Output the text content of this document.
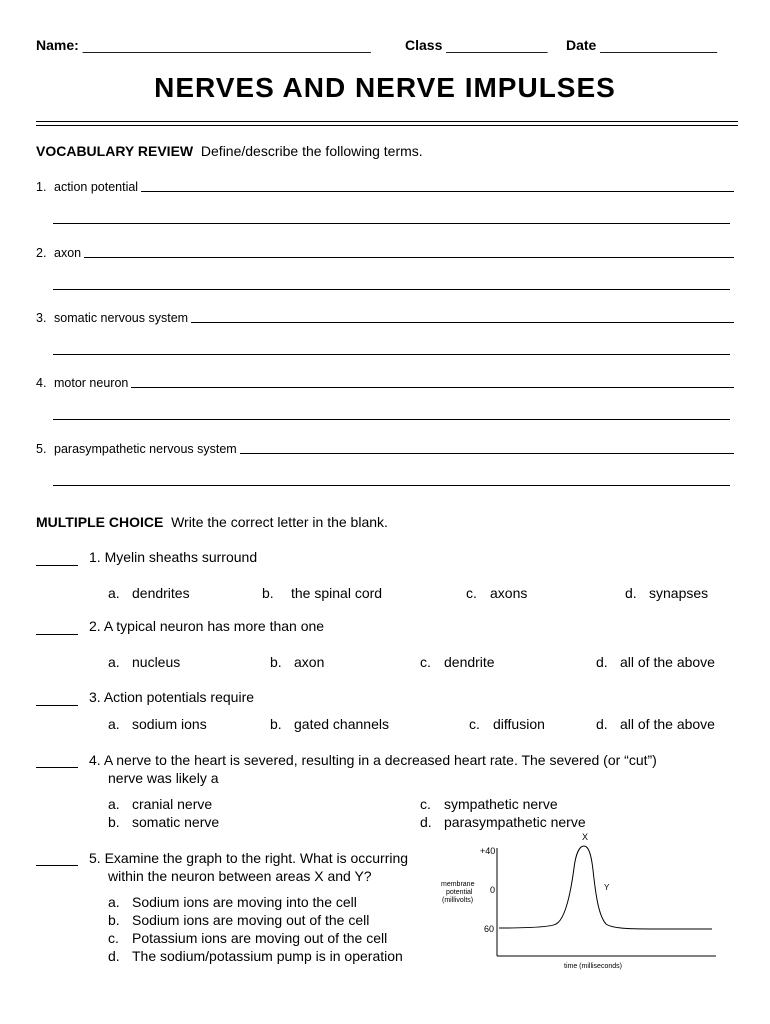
Name: _____________________________________ Class _____________ Date _______________
NERVES AND NERVE IMPULSES
VOCABULARY REVIEW Define/describe the following terms.
1. action potential
2. axon
3. somatic nervous system
4. motor neuron
5. parasympathetic nervous system
MULTIPLE CHOICE Write the correct letter in the blank.
1. Myelin sheaths surround
a. dendrites	b. the spinal cord	c. axons	d. synapses
2. A typical neuron has more than one
a. nucleus	b. axon	c. dendrite	d. all of the above
3. Action potentials require
a. sodium ions	b. gated channels	c. diffusion	d. all of the above
4. A nerve to the heart is severed, resulting in a decreased heart rate. The severed (or “cut”)
nerve was likely a
a. cranial nerve
b. somatic nerve
c. sympathetic nerve
d. parasympathetic nerve
5. Examine the graph to the right. What is occurring
within the neuron between areas X and Y?
a. Sodium ions are moving into the cell
b. Sodium ions are moving out of the cell
c. Potassium ions are moving out of the cell
d. The sodium/potassium pump is in operation
+40
0
60
membrane
potential
(millivolts)
X
Y
time (milliseconds)
